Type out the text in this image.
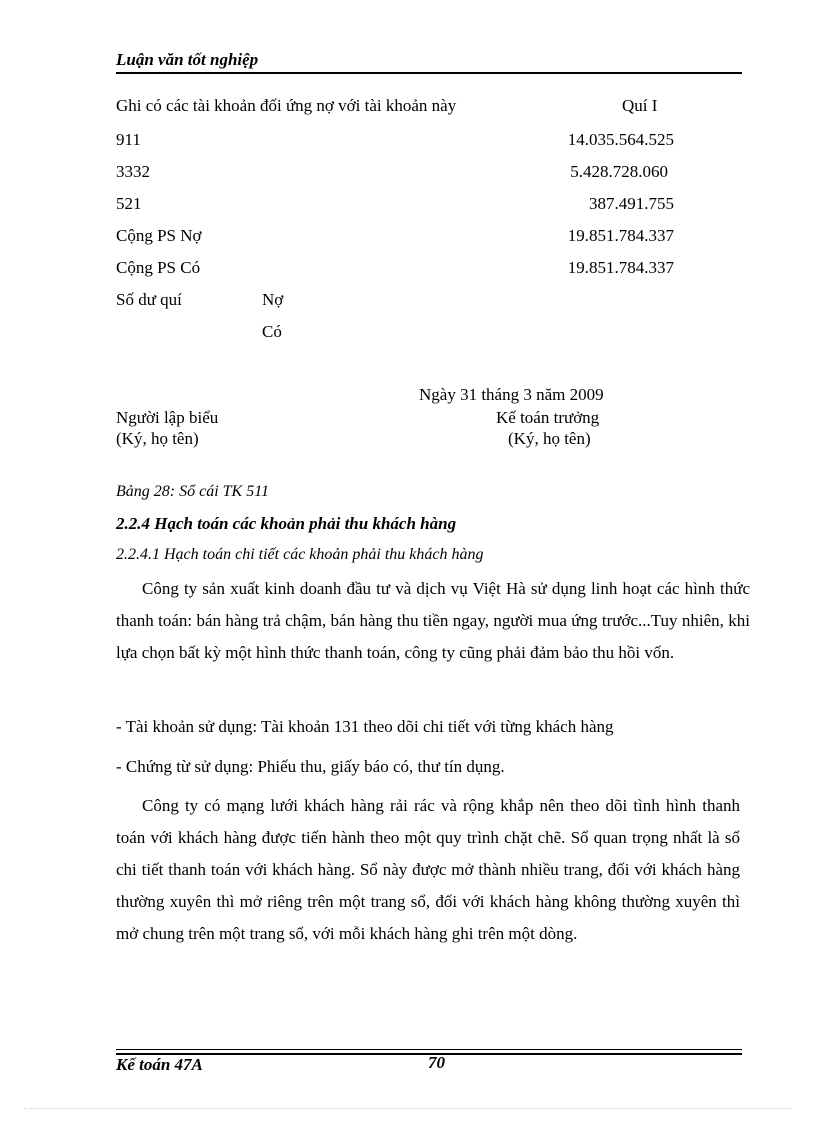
Luận văn tốt nghiệp
Ghi có các tài khoản đối ứng nợ với tài khoản này	Quí I
911	14.035.564.525
3332	5.428.728.060
521	387.491.755
Cộng PS Nợ	19.851.784.337
Cộng PS Có	19.851.784.337
Số dư quí	Nợ
Có
Ngày 31 tháng 3 năm 2009
Người lập biểu
(Ký, họ tên)
Kế toán trưởng
(Ký, họ tên)
Bảng 28: Sổ cái TK 511
2.2.4 Hạch toán các khoản phải thu khách hàng
2.2.4.1 Hạch toán chi tiết các khoản phải thu khách hàng
Công ty sản xuất kinh doanh đầu tư và dịch vụ Việt Hà sử dụng linh hoạt các hình thức thanh toán: bán hàng trả chậm, bán hàng thu tiền ngay, người mua ứng trước...Tuy nhiên, khi lựa chọn bất kỳ một hình thức thanh toán, công ty cũng phải đảm bảo thu hồi vốn.
- Tài khoản sử dụng: Tài khoản 131 theo dõi chi tiết với từng khách hàng
- Chứng từ sử dụng: Phiếu thu, giấy báo có, thư tín dụng.
Công ty có mạng lưới khách hàng rải rác và rộng khắp nên theo dõi tình hình thanh toán với khách hàng được tiến hành theo một quy trình chặt chẽ. Sổ quan trọng nhất là sổ chi tiết thanh toán với khách hàng. Sổ này được mở thành nhiều trang, đối với khách hàng thường xuyên thì mở riêng trên một trang sổ, đối với khách hàng không thường xuyên thì mở chung trên một trang sổ, với mỗi khách hàng ghi trên một dòng.
Kế toán 47A	70
